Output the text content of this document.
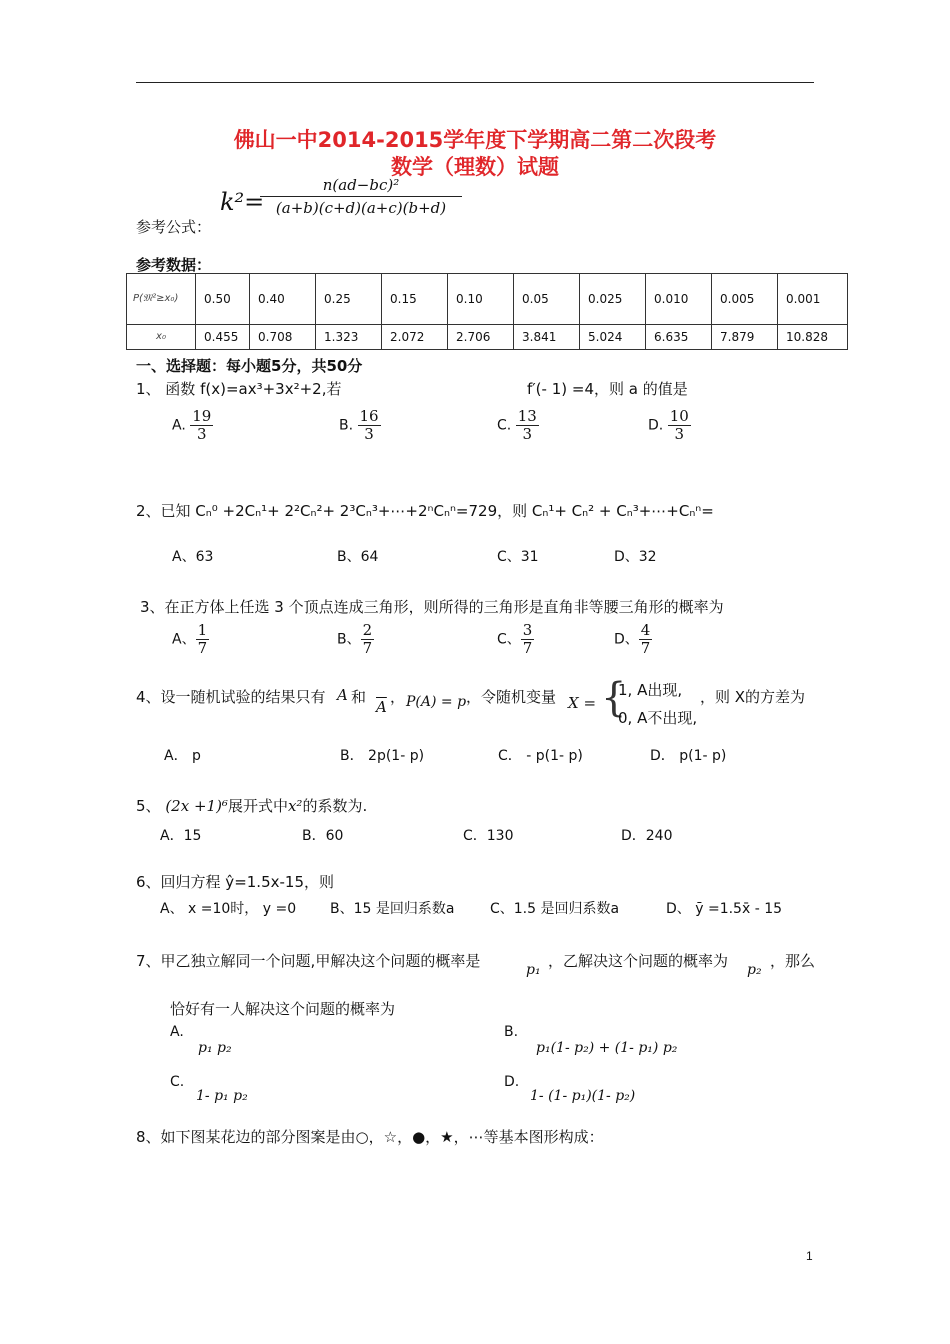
佛山一中2014-2015学年度下学期高二第二次段考
数学（理数）试题
参考公式：
k²=
n(ad−bc)²
(a+b)(c+d)(a+c)(b+d)
参考数据：
P(𝔐²≥x₀)	0.50	0.40	0.25	0.15	0.10	0.05	0.025	0.010	0.005	0.001
x₀	0.455	0.708	1.323	2.072	2.706	3.841	5.024	6.635	7.879	10.828
一、选择题：每小题5分，共50分
1、 函数 f(x)=ax³+3x²+2,若	f′(- 1) =4，则 a 的值是
A. $\frac{19}{3}$	B. $\frac{16}{3}$	C. $\frac{13}{3}$	D. $\frac{10}{3}$
2、已知 Cₙ⁰ +2Cₙ¹+ 2²Cₙ²+ 2³Cₙ³+⋯+2ⁿCₙⁿ=729，则 Cₙ¹+ Cₙ² + Cₙ³+⋯+Cₙⁿ=
A、63	B、64	C、31	D、32
3、在正方体上任选 3 个顶点连成三角形，则所得的三角形是直角非等腰三角形的概率为
A、 $\frac{1}{7}$	B、 $\frac{2}{7}$	C、 $\frac{3}{7}$	D、 $\frac{4}{7}$
4、设一随机试验的结果只有 A 和
$\overline{A}$
， P(A) = p ，令随机变量 X = {
1, A出现,
0, A不出现,
，则 X的方差为
A． p	B． 2p(1- p)	C． - p(1- p)	D． p(1- p)
5、 (2x +1)⁶展开式中x²的系数为.
A．15	B．60	C．130	D．240
6、回归方程 ŷ=1.5x-15，则
A、 x =10时， y =0 B、15 是回归系数a	C、1.5 是回归系数a	D、 ȳ =1.5x̄ - 15
7、甲乙独立解同一个问题,甲解决这个问题的概率是	p₁ ，乙解决这个问题的概率为 p₂ ，那么
恰好有一人解决这个问题的概率为
A.
p₁ p₂
B.
p₁(1- p₂) + (1- p₁) p₂
C.
1- p₁ p₂
D.
1- (1- p₁)(1- p₂)
8、如下图某花边的部分图案是由○，☆，●，★，⋯等基本图形构成：
1
